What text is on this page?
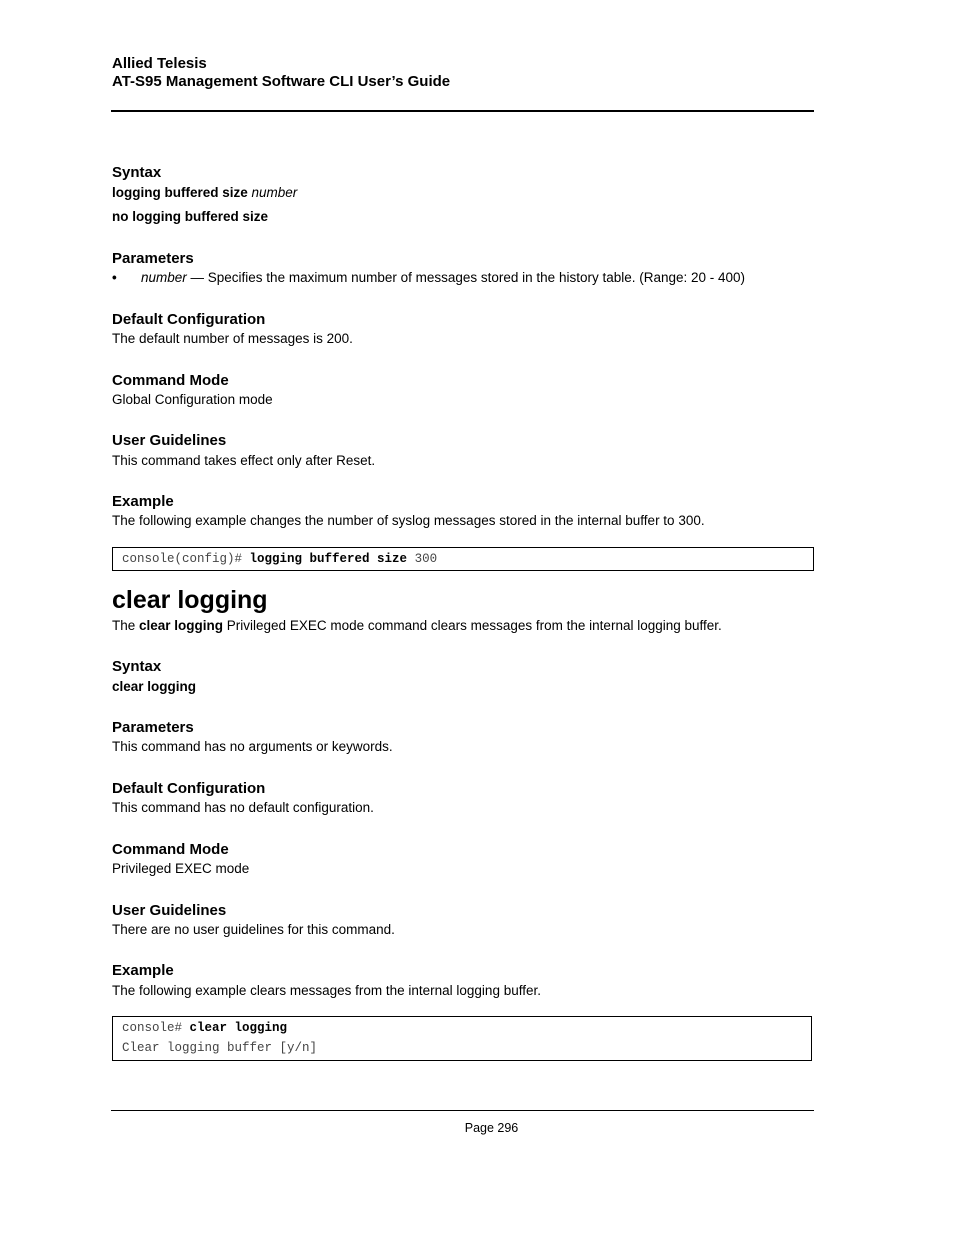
Allied Telesis
AT-S95 Management Software CLI User’s Guide
Syntax
logging buffered size number
no logging buffered size
Parameters
• number — Specifies the maximum number of messages stored in the history table. (Range: 20 - 400)
Default Configuration
The default number of messages is 200.
Command Mode
Global Configuration mode
User Guidelines
This command takes effect only after Reset.
Example
The following example changes the number of syslog messages stored in the internal buffer to 300.
console(config)# logging buffered size 300
clear logging
The clear logging Privileged EXEC mode command clears messages from the internal logging buffer.
Syntax
clear logging
Parameters
This command has no arguments or keywords.
Default Configuration
This command has no default configuration.
Command Mode
Privileged EXEC mode
User Guidelines
There are no user guidelines for this command.
Example
The following example clears messages from the internal logging buffer.
console# clear logging
Clear logging buffer [y/n]
Page 296
